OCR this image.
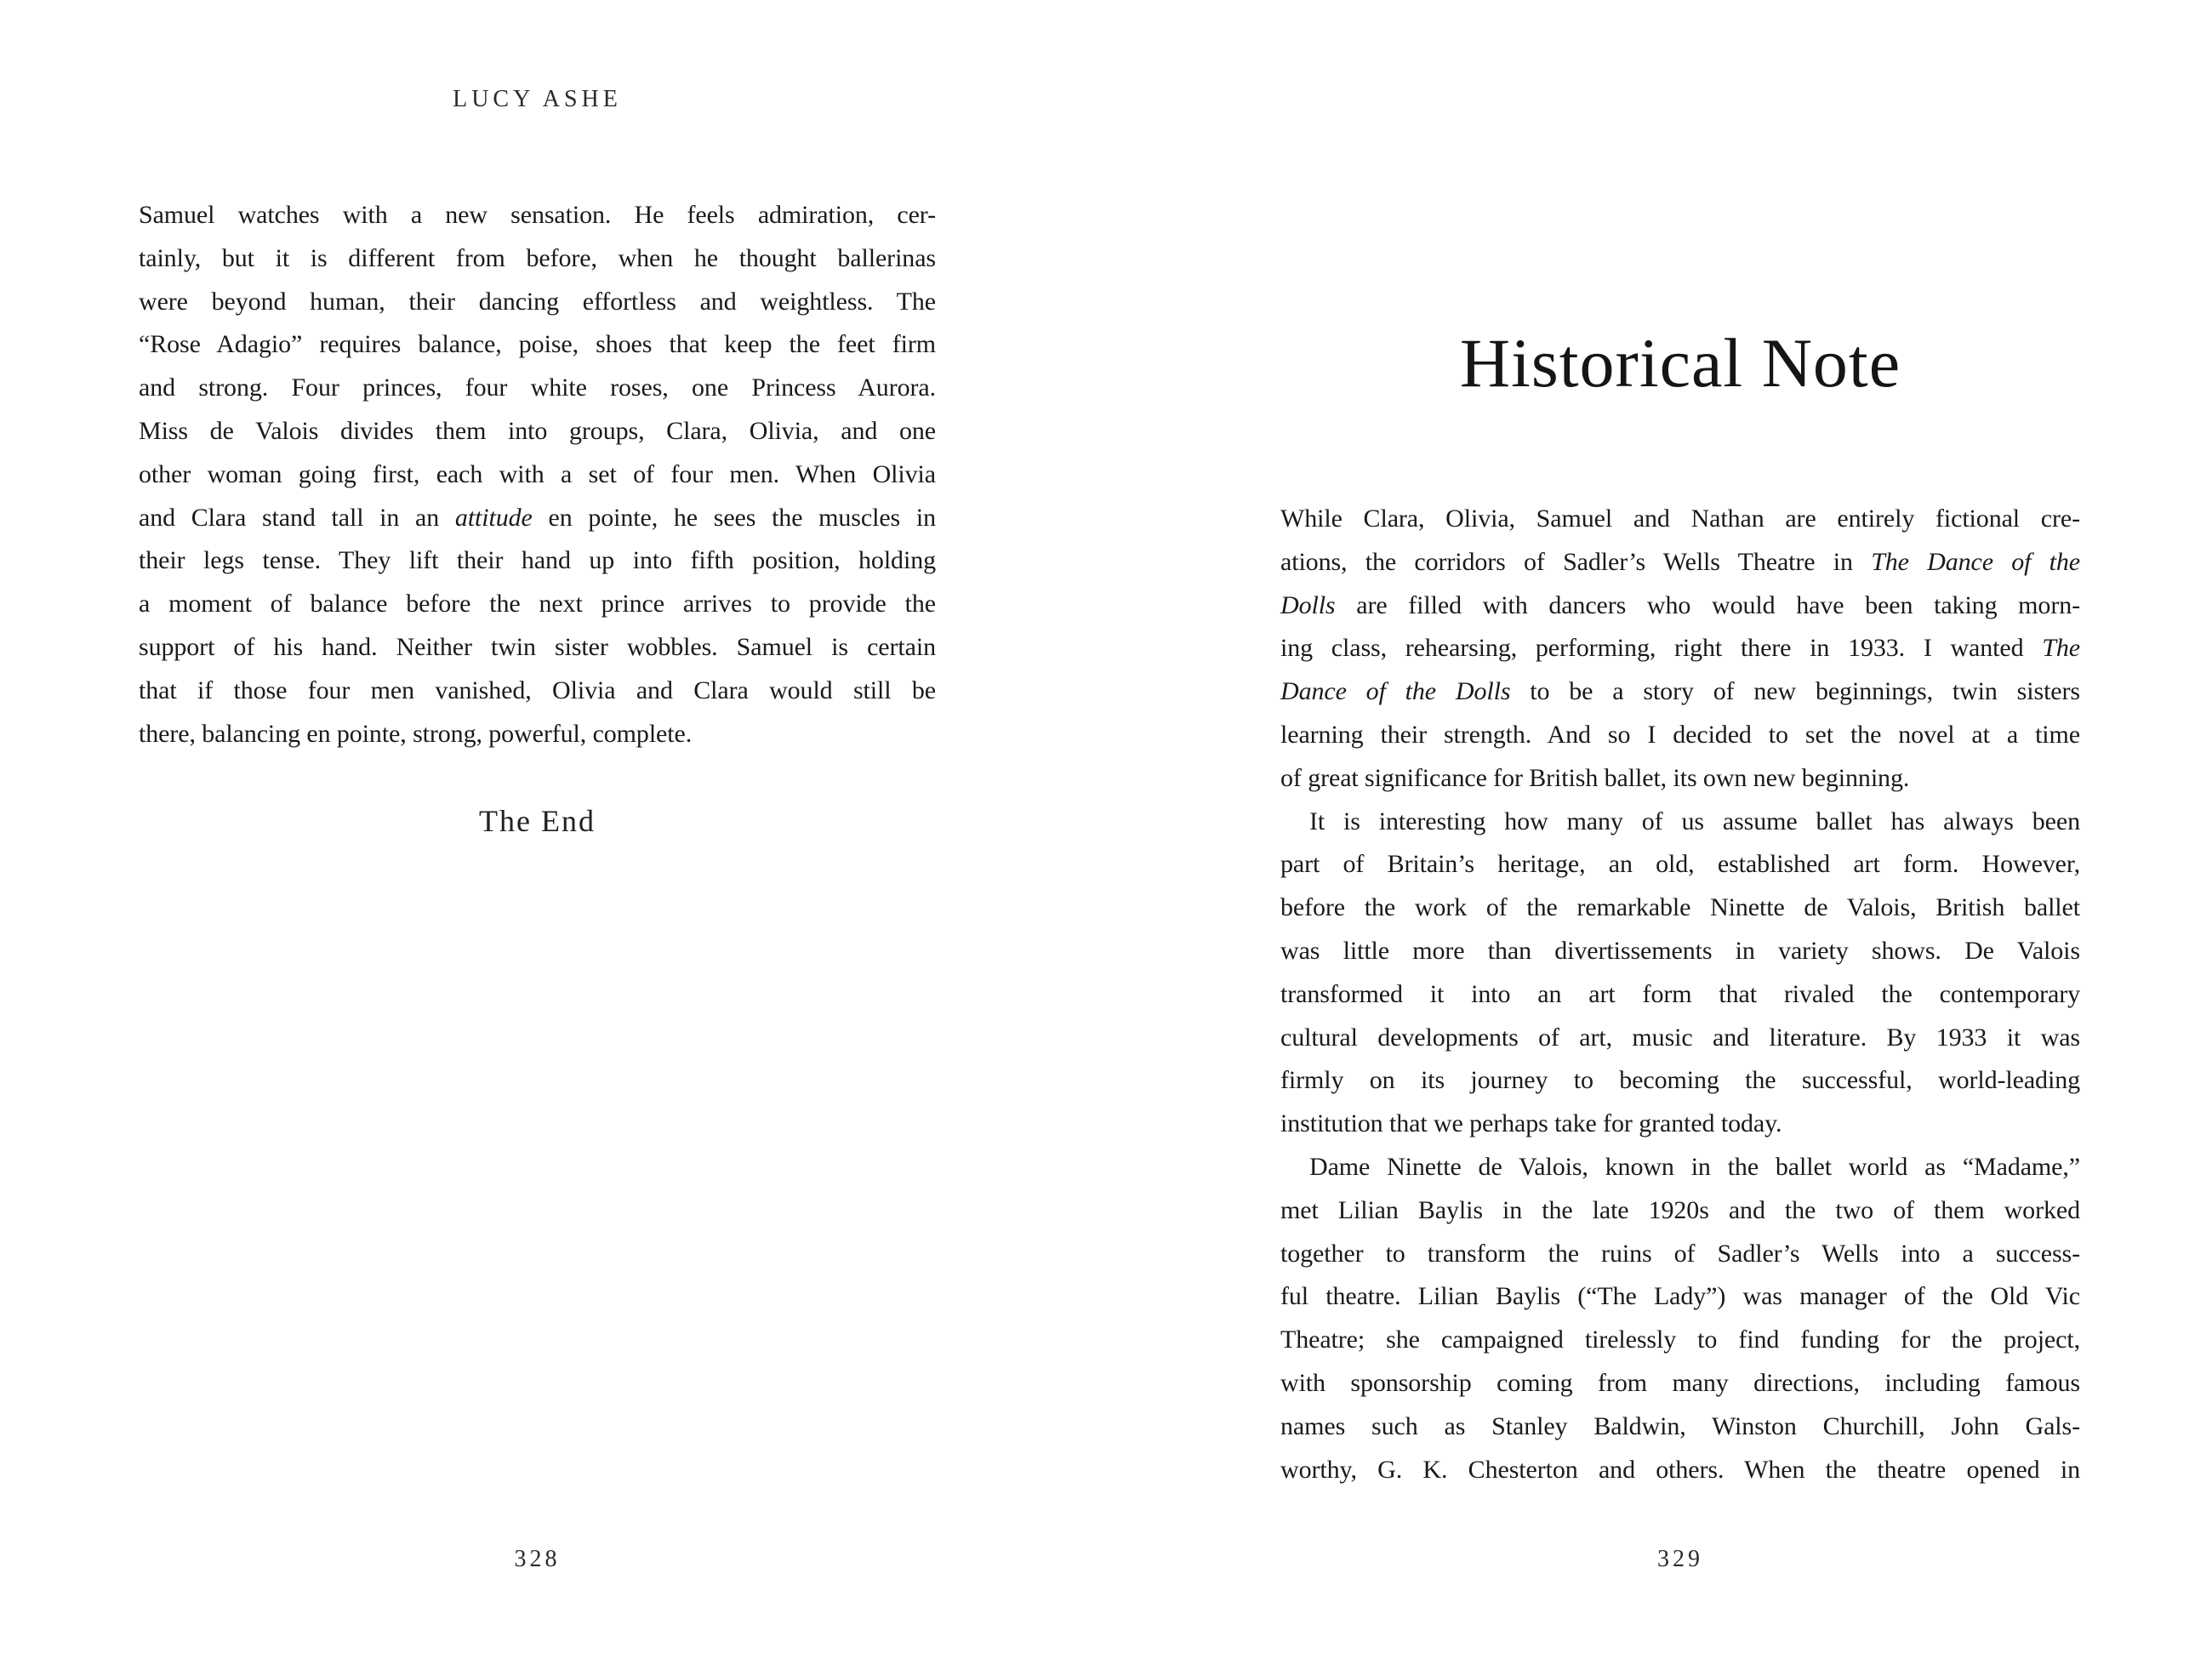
LUCY ASHE
Samuel watches with a new sensation. He feels admiration, cer-
tainly, but it is different from before, when he thought ballerinas
were beyond human, their dancing effortless and weightless. The
“Rose Adagio” requires balance, poise, shoes that keep the feet firm
and strong. Four princes, four white roses, one Princess Aurora.
Miss de Valois divides them into groups, Clara, Olivia, and one
other woman going first, each with a set of four men. When Olivia
and Clara stand tall in an attitude en pointe, he sees the muscles in
their legs tense. They lift their hand up into fifth position, holding
a moment of balance before the next prince arrives to provide the
support of his hand. Neither twin sister wobbles. Samuel is certain
that if those four men vanished, Olivia and Clara would still be
there, balancing en pointe, strong, powerful, complete.
The End
328
Historical Note
While Clara, Olivia, Samuel and Nathan are entirely fictional cre-
ations, the corridors of Sadler’s Wells Theatre in The Dance of the
Dolls are filled with dancers who would have been taking morn-
ing class, rehearsing, performing, right there in 1933. I wanted The
Dance of the Dolls to be a story of new beginnings, twin sisters
learning their strength. And so I decided to set the novel at a time
of great significance for British ballet, its own new beginning.
It is interesting how many of us assume ballet has always been
part of Britain’s heritage, an old, established art form. However,
before the work of the remarkable Ninette de Valois, British ballet
was little more than divertissements in variety shows. De Valois
transformed it into an art form that rivaled the contemporary
cultural developments of art, music and literature. By 1933 it was
firmly on its journey to becoming the successful, world-leading
institution that we perhaps take for granted today.
Dame Ninette de Valois, known in the ballet world as “Madame,”
met Lilian Baylis in the late 1920s and the two of them worked
together to transform the ruins of Sadler’s Wells into a success-
ful theatre. Lilian Baylis (“The Lady”) was manager of the Old Vic
Theatre; she campaigned tirelessly to find funding for the project,
with sponsorship coming from many directions, including famous
names such as Stanley Baldwin, Winston Churchill, John Gals-
worthy, G. K. Chesterton and others. When the theatre opened in
329
